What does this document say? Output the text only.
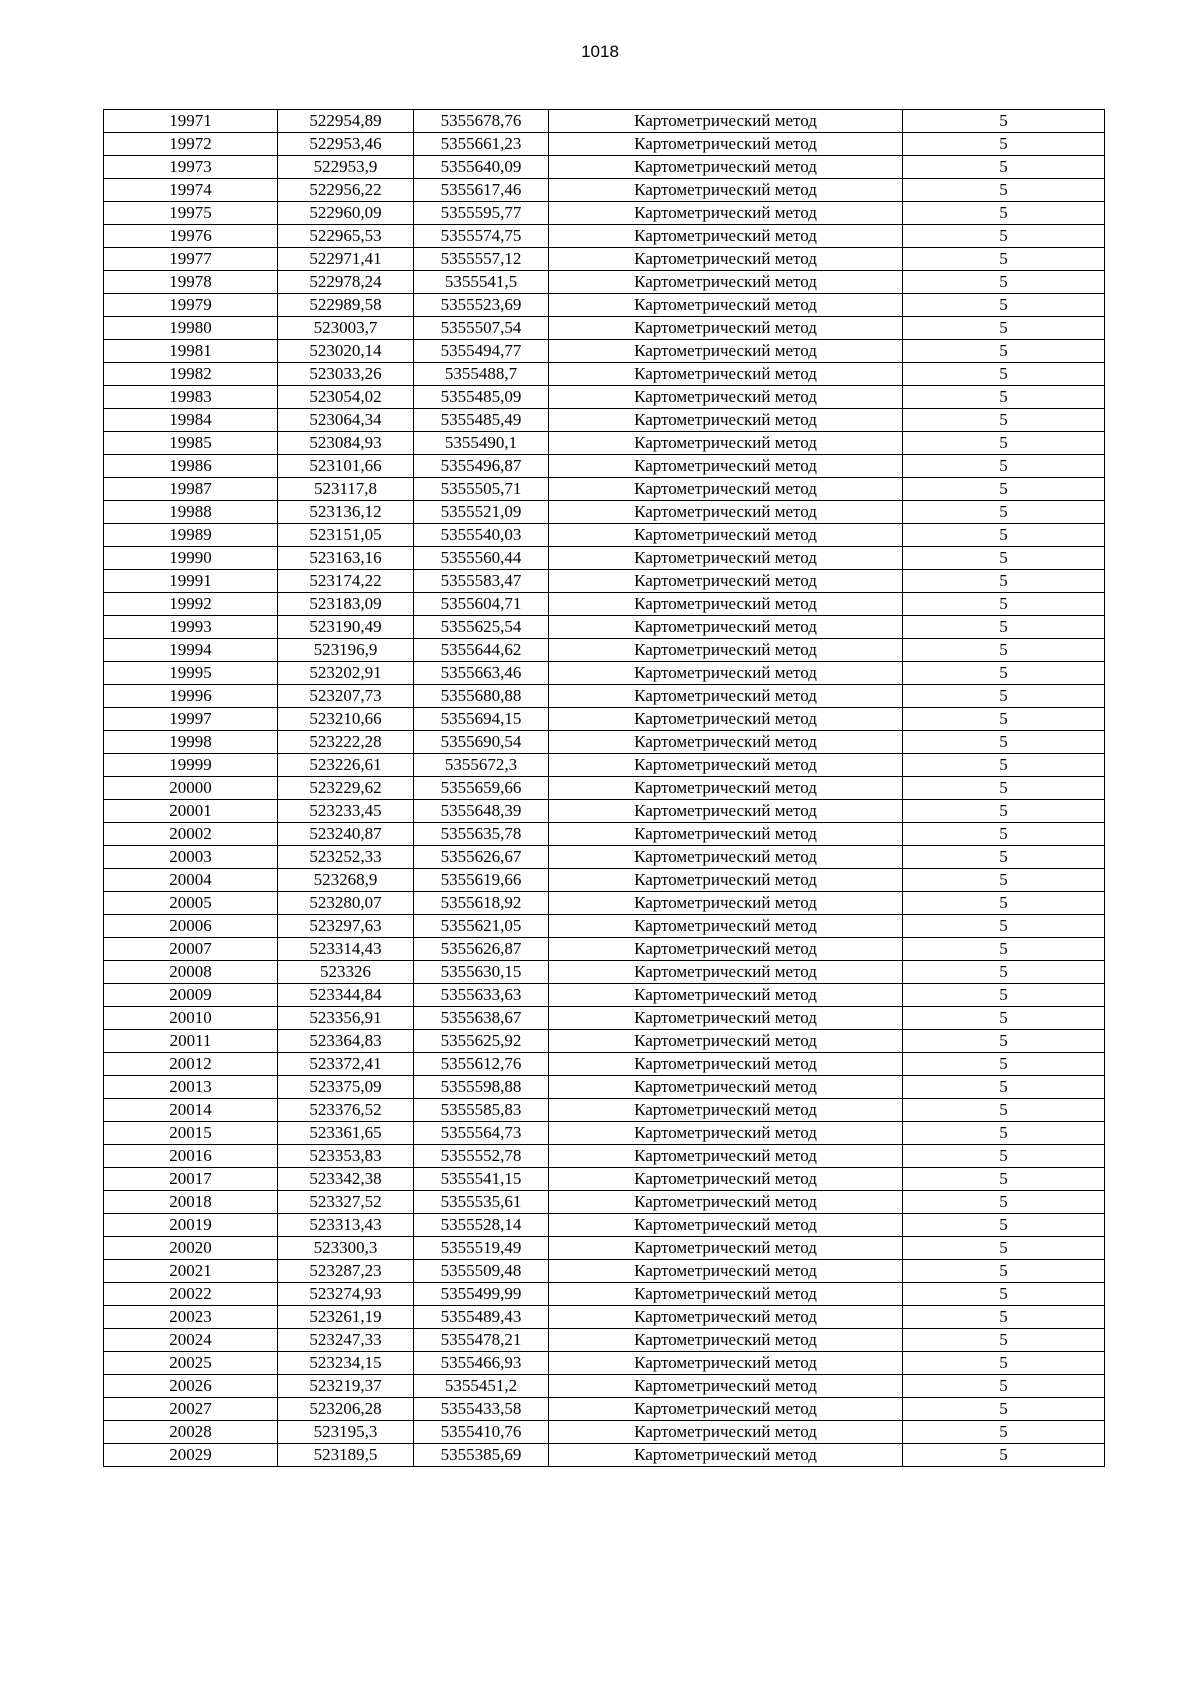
1018
19971	522954,89	5355678,76	Картометрический метод	5
19972	522953,46	5355661,23	Картометрический метод	5
19973	522953,9	5355640,09	Картометрический метод	5
19974	522956,22	5355617,46	Картометрический метод	5
19975	522960,09	5355595,77	Картометрический метод	5
19976	522965,53	5355574,75	Картометрический метод	5
19977	522971,41	5355557,12	Картометрический метод	5
19978	522978,24	5355541,5	Картометрический метод	5
19979	522989,58	5355523,69	Картометрический метод	5
19980	523003,7	5355507,54	Картометрический метод	5
19981	523020,14	5355494,77	Картометрический метод	5
19982	523033,26	5355488,7	Картометрический метод	5
19983	523054,02	5355485,09	Картометрический метод	5
19984	523064,34	5355485,49	Картометрический метод	5
19985	523084,93	5355490,1	Картометрический метод	5
19986	523101,66	5355496,87	Картометрический метод	5
19987	523117,8	5355505,71	Картометрический метод	5
19988	523136,12	5355521,09	Картометрический метод	5
19989	523151,05	5355540,03	Картометрический метод	5
19990	523163,16	5355560,44	Картометрический метод	5
19991	523174,22	5355583,47	Картометрический метод	5
19992	523183,09	5355604,71	Картометрический метод	5
19993	523190,49	5355625,54	Картометрический метод	5
19994	523196,9	5355644,62	Картометрический метод	5
19995	523202,91	5355663,46	Картометрический метод	5
19996	523207,73	5355680,88	Картометрический метод	5
19997	523210,66	5355694,15	Картометрический метод	5
19998	523222,28	5355690,54	Картометрический метод	5
19999	523226,61	5355672,3	Картометрический метод	5
20000	523229,62	5355659,66	Картометрический метод	5
20001	523233,45	5355648,39	Картометрический метод	5
20002	523240,87	5355635,78	Картометрический метод	5
20003	523252,33	5355626,67	Картометрический метод	5
20004	523268,9	5355619,66	Картометрический метод	5
20005	523280,07	5355618,92	Картометрический метод	5
20006	523297,63	5355621,05	Картометрический метод	5
20007	523314,43	5355626,87	Картометрический метод	5
20008	523326	5355630,15	Картометрический метод	5
20009	523344,84	5355633,63	Картометрический метод	5
20010	523356,91	5355638,67	Картометрический метод	5
20011	523364,83	5355625,92	Картометрический метод	5
20012	523372,41	5355612,76	Картометрический метод	5
20013	523375,09	5355598,88	Картометрический метод	5
20014	523376,52	5355585,83	Картометрический метод	5
20015	523361,65	5355564,73	Картометрический метод	5
20016	523353,83	5355552,78	Картометрический метод	5
20017	523342,38	5355541,15	Картометрический метод	5
20018	523327,52	5355535,61	Картометрический метод	5
20019	523313,43	5355528,14	Картометрический метод	5
20020	523300,3	5355519,49	Картометрический метод	5
20021	523287,23	5355509,48	Картометрический метод	5
20022	523274,93	5355499,99	Картометрический метод	5
20023	523261,19	5355489,43	Картометрический метод	5
20024	523247,33	5355478,21	Картометрический метод	5
20025	523234,15	5355466,93	Картометрический метод	5
20026	523219,37	5355451,2	Картометрический метод	5
20027	523206,28	5355433,58	Картометрический метод	5
20028	523195,3	5355410,76	Картометрический метод	5
20029	523189,5	5355385,69	Картометрический метод	5
